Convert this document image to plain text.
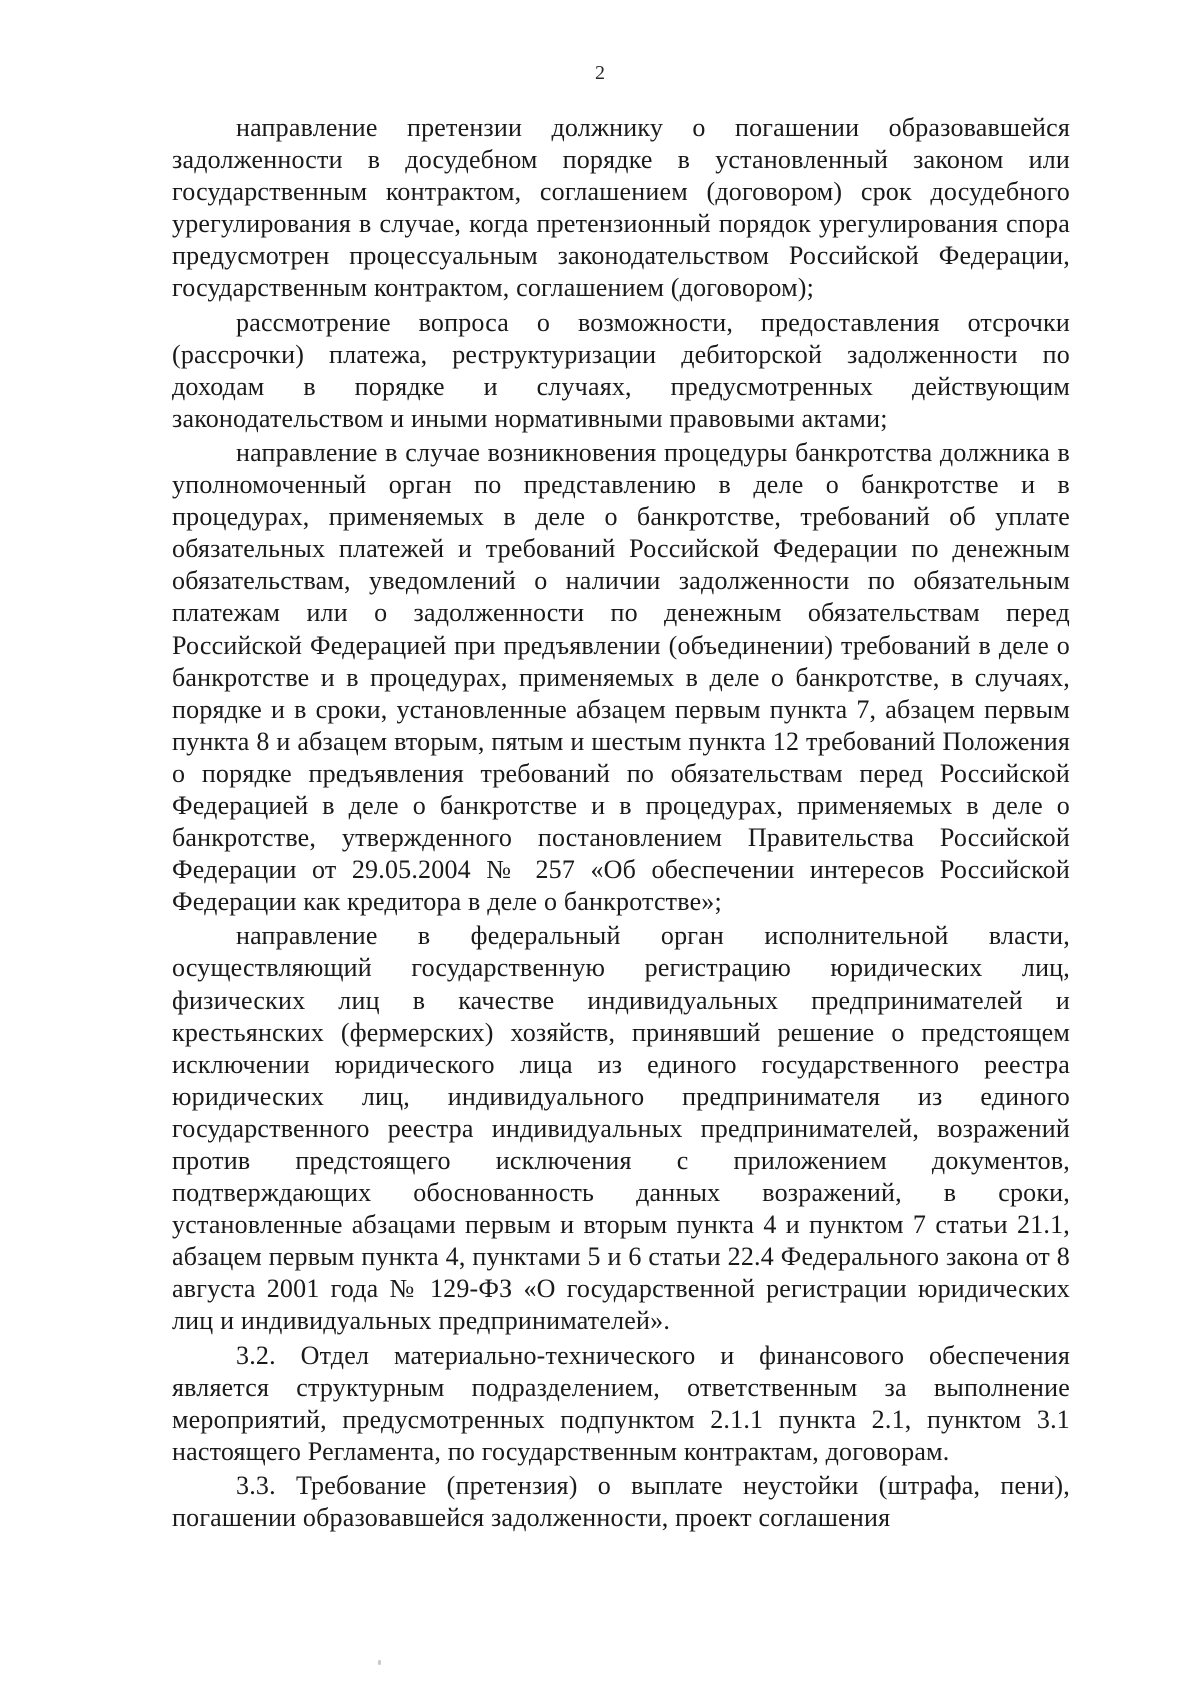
2

направление претензии должнику о погашении образовавшейся задолженности в досудебном порядке в установленный законом или государственным контрактом, соглашением (договором) срок досудебного урегулирования в случае, когда претензионный порядок урегулирования спора предусмотрен процессуальным законодательством Российской Федерации, государственным контрактом, соглашением (договором);

рассмотрение вопроса о возможности, предоставления отсрочки (рассрочки) платежа, реструктуризации дебиторской задолженности по доходам в порядке и случаях, предусмотренных действующим законодательством и иными нормативными правовыми актами;

направление в случае возникновения процедуры банкротства должника в уполномоченный орган по представлению в деле о банкротстве и в процедурах, применяемых в деле о банкротстве, требований об уплате обязательных платежей и требований Российской Федерации по денежным обязательствам, уведомлений о наличии задолженности по обязательным платежам или о задолженности по денежным обязательствам перед Российской Федерацией при предъявлении (объединении) требований в деле о банкротстве и в процедурах, применяемых в деле о банкротстве, в случаях, порядке и в сроки, установленные абзацем первым пункта 7, абзацем первым пункта 8 и абзацем вторым, пятым и шестым пункта 12 требований Положения о порядке предъявления требований по обязательствам перед Российской Федерацией в деле о банкротстве и в процедурах, применяемых в деле о банкротстве, утвержденного постановлением Правительства Российской Федерации от 29.05.2004 № 257 «Об обеспечении интересов Российской Федерации как кредитора в деле о банкротстве»;

направление в федеральный орган исполнительной власти, осуществляющий государственную регистрацию юридических лиц, физических лиц в качестве индивидуальных предпринимателей и крестьянских (фермерских) хозяйств, принявший решение о предстоящем исключении юридического лица из единого государственного реестра юридических лиц, индивидуального предпринимателя из единого государственного реестра индивидуальных предпринимателей, возражений против предстоящего исключения с приложением документов, подтверждающих обоснованность данных возражений, в сроки, установленные абзацами первым и вторым пункта 4 и пунктом 7 статьи 21.1, абзацем первым пункта 4, пунктами 5 и 6 статьи 22.4 Федерального закона от 8 августа 2001 года № 129-ФЗ «О государственной регистрации юридических лиц и индивидуальных предпринимателей».

3.2. Отдел материально-технического и финансового обеспечения является структурным подразделением, ответственным за выполнение мероприятий, предусмотренных подпунктом 2.1.1 пункта 2.1, пунктом 3.1 настоящего Регламента, по государственным контрактам, договорам.

3.3. Требование (претензия) о выплате неустойки (штрафа, пени), погашении образовавшейся задолженности, проект соглашения
